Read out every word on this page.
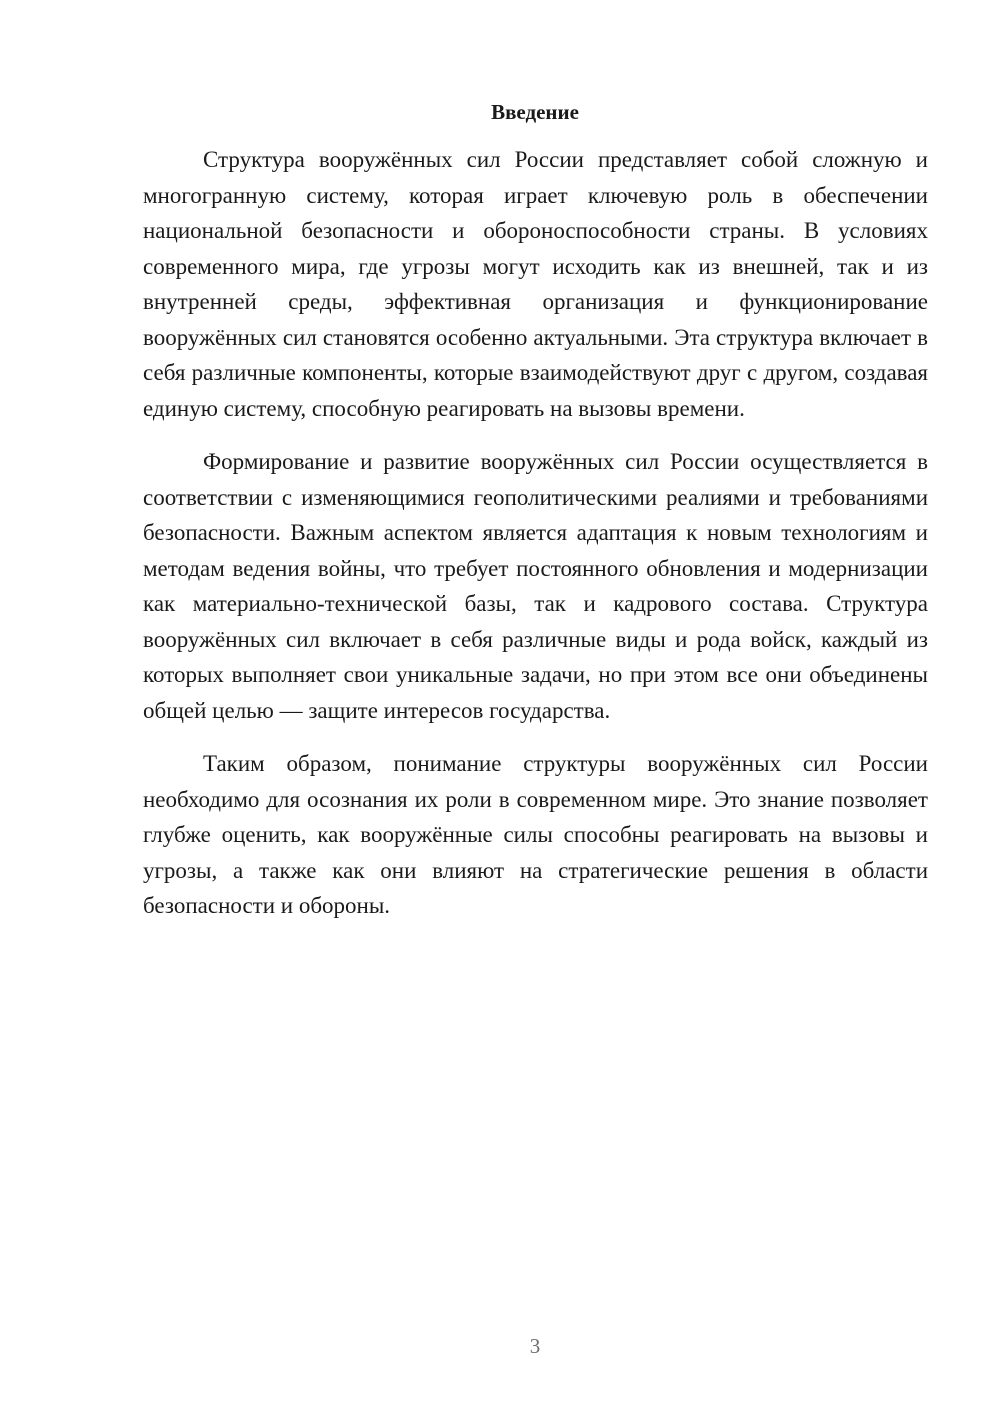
Введение

Структура вооружённых сил России представляет собой сложную и многогранную систему, которая играет ключевую роль в обеспечении национальной безопасности и обороноспособности страны. В условиях современного мира, где угрозы могут исходить как из внешней, так и из внутренней среды, эффективная организация и функционирование вооружённых сил становятся особенно актуальными. Эта структура включает в себя различные компоненты, которые взаимодействуют друг с другом, создавая единую систему, способную реагировать на вызовы времени.

Формирование и развитие вооружённых сил России осуществляется в соответствии с изменяющимися геополитическими реалиями и требованиями безопасности. Важным аспектом является адаптация к новым технологиям и методам ведения войны, что требует постоянного обновления и модернизации как материально-технической базы, так и кадрового состава. Структура вооружённых сил включает в себя различные виды и рода войск, каждый из которых выполняет свои уникальные задачи, но при этом все они объединены общей целью — защите интересов государства.

Таким образом, понимание структуры вооружённых сил России необходимо для осознания их роли в современном мире. Это знание позволяет глубже оценить, как вооружённые силы способны реагировать на вызовы и угрозы, а также как они влияют на стратегические решения в области безопасности и обороны.

3
